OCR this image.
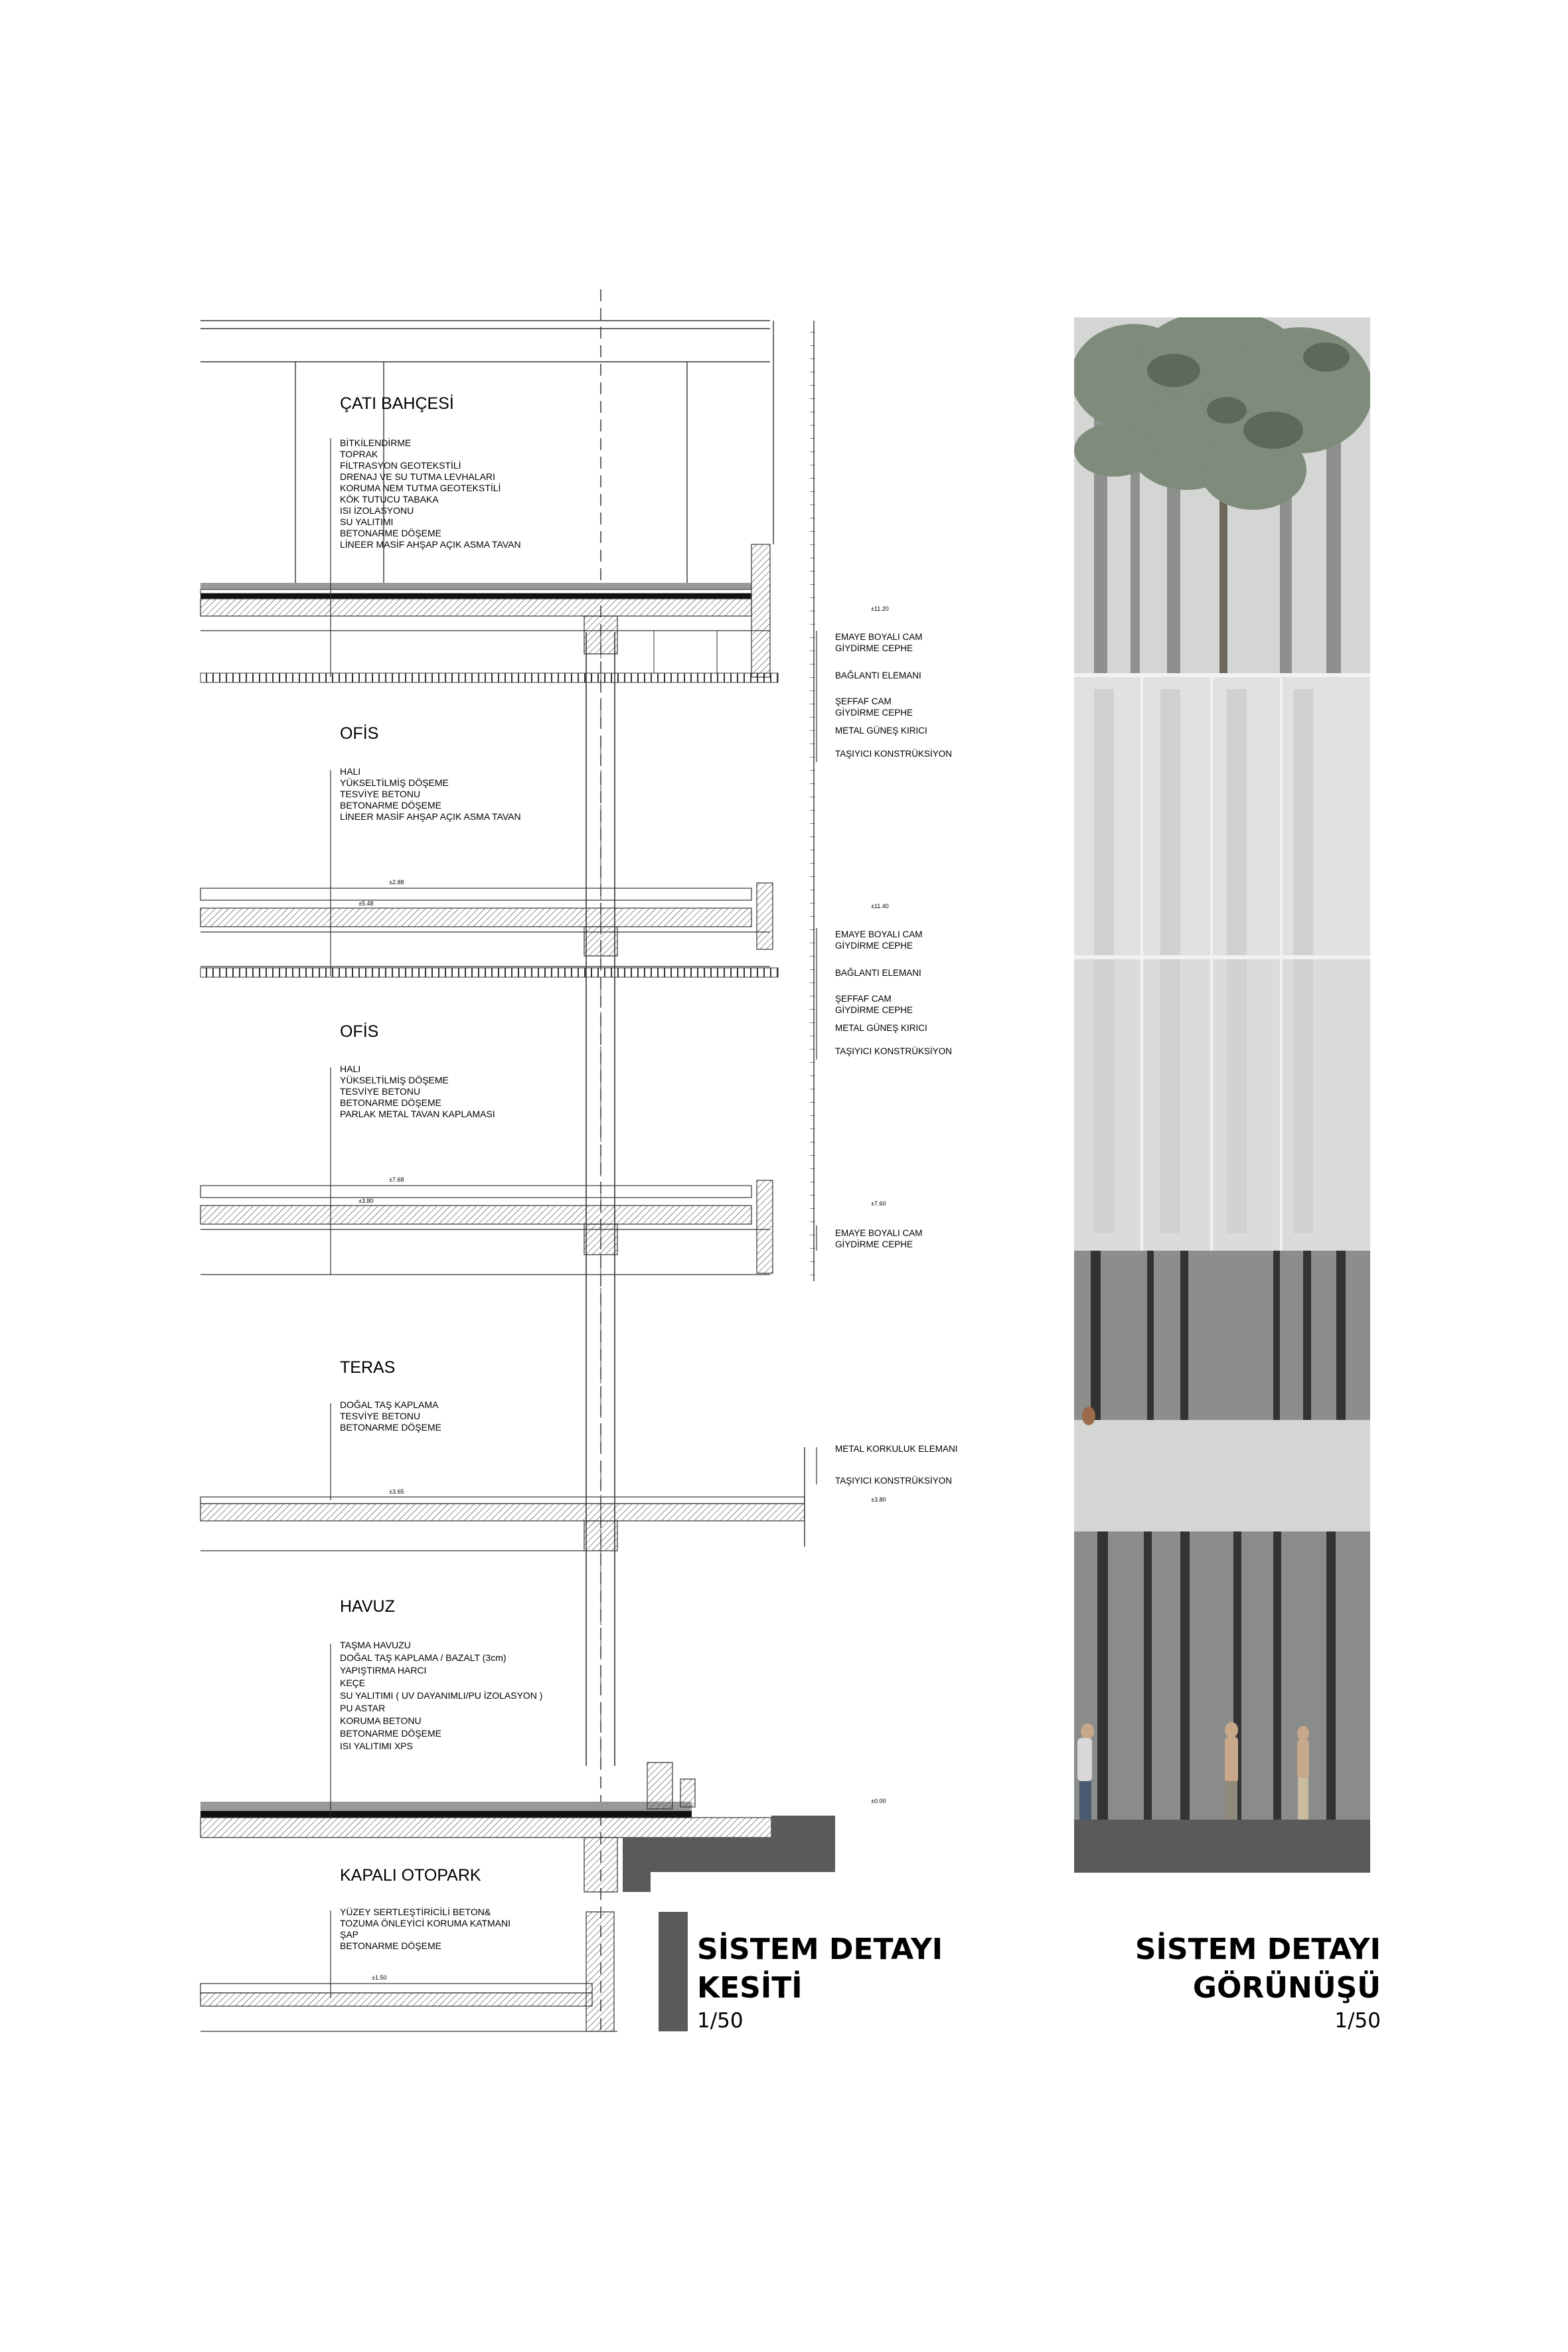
ÇATI BAHÇESİ
OFİS
OFİS
TERAS
HAVUZ
KAPALI OTOPARK
BİTKİLENDİRME
TOPRAK
FİLTRASYON GEOTEKSTİLİ
DRENAJ VE SU TUTMA LEVHALARI
KORUMA NEM TUTMA GEOTEKSTİLİ
KÖK TUTUCU TABAKA
ISI İZOLASYONU
SU YALITIMI
BETONARME DÖŞEME
LİNEER MASİF AHŞAP AÇIK ASMA TAVAN
HALI
YÜKSELTİLMİŞ DÖŞEME
TESVİYE BETONU
BETONARME DÖŞEME
LİNEER MASİF AHŞAP AÇIK ASMA TAVAN
HALI
YÜKSELTİLMİŞ DÖŞEME
TESVİYE BETONU
BETONARME DÖŞEME
PARLAK METAL TAVAN KAPLAMASI
DOĞAL TAŞ KAPLAMA
TESVİYE BETONU
BETONARME DÖŞEME
TAŞMA HAVUZU
DOĞAL TAŞ KAPLAMA / BAZALT (3cm)
YAPIŞTIRMA HARCI
KEÇE
SU YALITIMI ( UV DAYANIMLI/PU İZOLASYON )
PU ASTAR
KORUMA BETONU
BETONARME DÖŞEME
ISI YALITIMI XPS
YÜZEY SERTLEŞTİRİCİLİ BETON&
TOZUMA ÖNLEYİCİ KORUMA KATMANI
ŞAP
BETONARME DÖŞEME
EMAYE BOYALI CAM
GİYDİRME CEPHE
BAĞLANTI ELEMANI
ŞEFFAF CAM
GİYDİRME CEPHE
METAL GÜNEŞ KIRICI
TAŞIYICI KONSTRÜKSİYON
EMAYE BOYALI CAM
GİYDİRME CEPHE
BAĞLANTI ELEMANI
ŞEFFAF CAM
GİYDİRME CEPHE
METAL GÜNEŞ KIRICI
TAŞIYICI KONSTRÜKSİYON
EMAYE BOYALI CAM
GİYDİRME CEPHE
METAL KORKULUK ELEMANI
TAŞIYICI KONSTRÜKSİYON
±11.20
±11.40
±7.60
±3.80
±0.00
±2.88
±5.48
±7.68
±3.80
±3.65
±1.50
SİSTEM DETAYI
KESİTİ
1/50
SİSTEM DETAYI
GÖRÜNÜŞÜ
1/50
